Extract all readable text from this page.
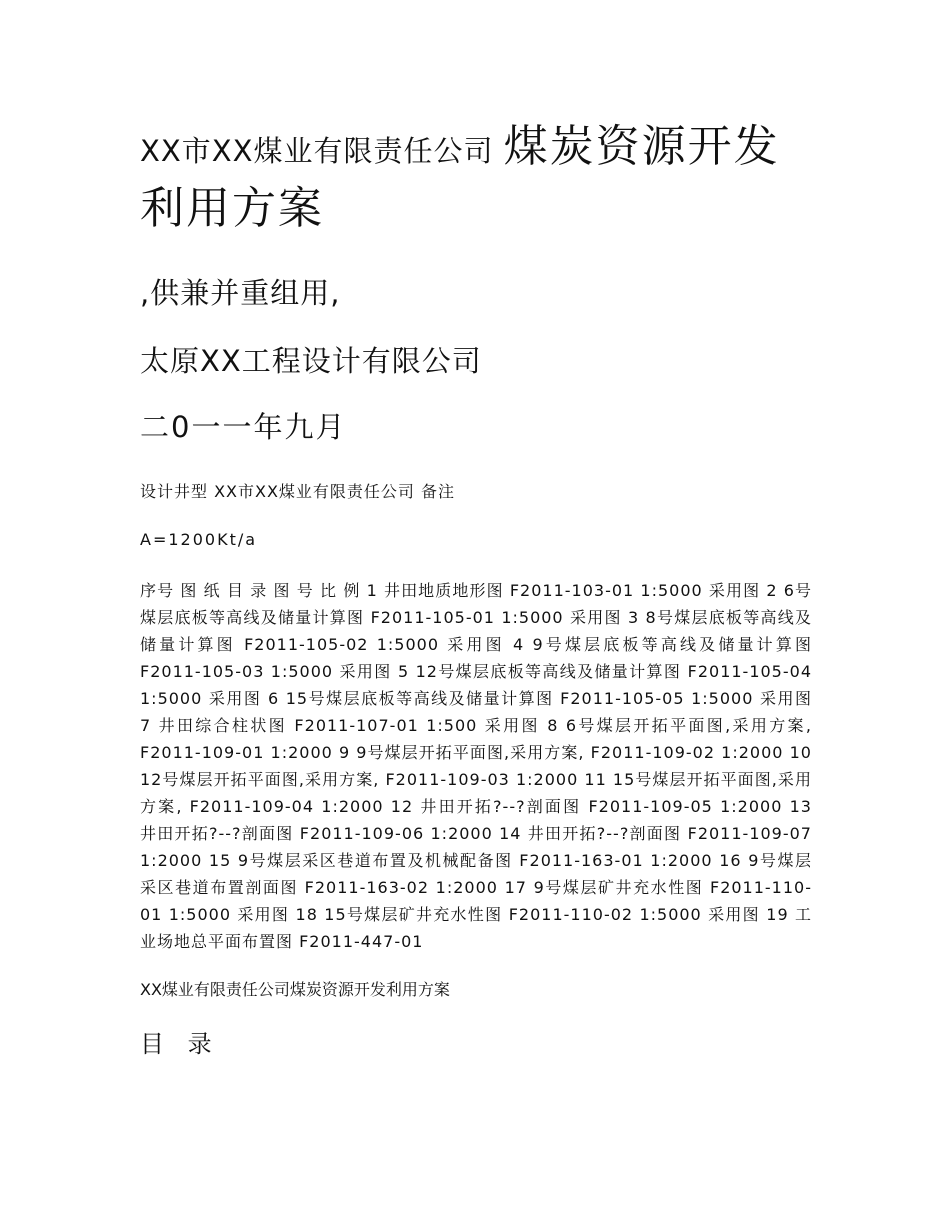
XX市XX煤业有限责任公司 煤炭资源开发利用方案

,供兼并重组用,

太原XX工程设计有限公司

二0一一年九月

设计井型 XX市XX煤业有限责任公司 备注

A=1200Kt/a

序号 图 纸 目 录 图 号 比 例 1 井田地质地形图 F2011-103-01 1:5000 采用图 2 6号煤层底板等高线及储量计算图 F2011-105-01 1:5000 采用图 3 8号煤层底板等高线及储量计算图 F2011-105-02 1:5000 采用图 4 9号煤层底板等高线及储量计算图 F2011-105-03 1:5000 采用图 5 12号煤层底板等高线及储量计算图 F2011-105-04 1:5000 采用图 6 15号煤层底板等高线及储量计算图 F2011-105-05 1:5000 采用图 7 井田综合柱状图 F2011-107-01 1:500 采用图 8 6号煤层开拓平面图,采用方案, F2011-109-01 1:2000 9 9号煤层开拓平面图,采用方案, F2011-109-02 1:2000 10 12号煤层开拓平面图,采用方案, F2011-109-03 1:2000 11 15号煤层开拓平面图,采用方案, F2011-109-04 1:2000 12 井田开拓?--?剖面图 F2011-109-05 1:2000 13 井田开拓?--?剖面图 F2011-109-06 1:2000 14 井田开拓?--?剖面图 F2011-109-07 1:2000 15 9号煤层采区巷道布置及机械配备图 F2011-163-01 1:2000 16 9号煤层采区巷道布置剖面图 F2011-163-02 1:2000 17 9号煤层矿井充水性图 F2011-110-01 1:5000 采用图 18 15号煤层矿井充水性图 F2011-110-02 1:5000 采用图 19 工业场地总平面布置图 F2011-447-01

XX煤业有限责任公司煤炭资源开发利用方案

目 录
